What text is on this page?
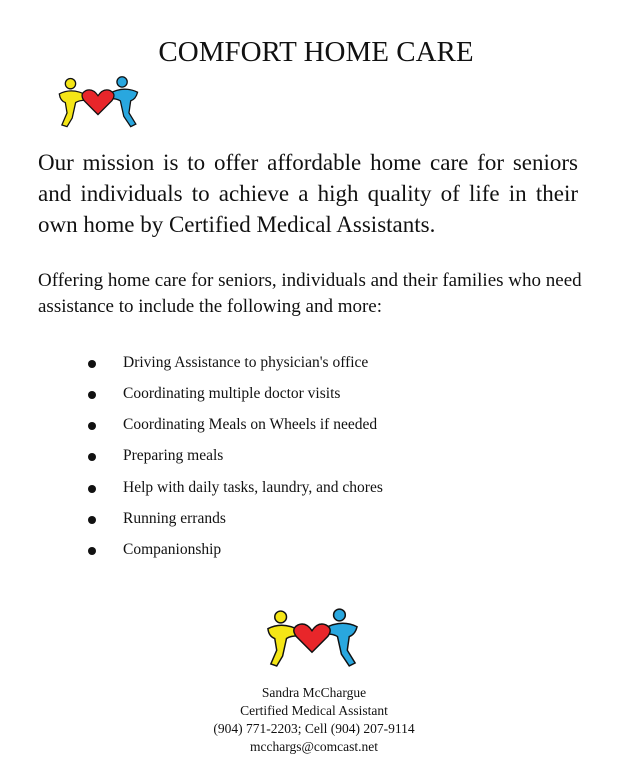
COMFORT HOME CARE
Our mission is to offer affordable home care for seniors and individuals to achieve a high quality of life in their own home by Certified Medical Assistants.
Offering home care for seniors, individuals and their families who need assistance to include the following and more:
Driving Assistance to physician's office
Coordinating multiple doctor visits
Coordinating Meals on Wheels if needed
Preparing meals
Help with daily tasks, laundry, and chores
Running errands
Companionship
Sandra McChargue
Certified Medical Assistant
(904) 771-2203; Cell (904) 207-9114
mcchargs@comcast.net
